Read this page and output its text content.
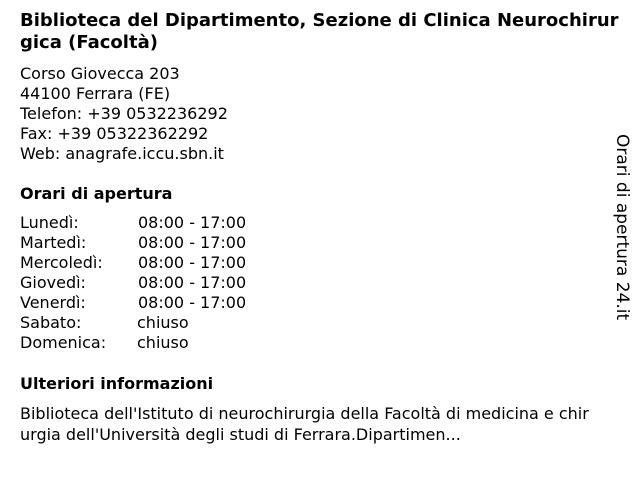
Biblioteca del Dipartimento, Sezione di Clinica Neurochirurgica (Facoltà)
Corso Giovecca 203
44100 Ferrara (FE)
Telefon: +39 0532236292
Fax: +39 05322362292
Web: anagrafe.iccu.sbn.it
Orari di apertura
Lunedì:	08:00 - 17:00
Martedì:	08:00 - 17:00
Mercoledì: 08:00 - 17:00
Giovedì:	08:00 - 17:00
Venerdì:	08:00 - 17:00
Sabato:	chiuso
Domenica: chiuso
Ulteriori informazioni
Biblioteca dell'Istituto di neurochirurgia della Facoltà di medicina e chirurgia dell'Università degli studi di Ferrara.Dipartimen...
Orari di apertura 24.it
